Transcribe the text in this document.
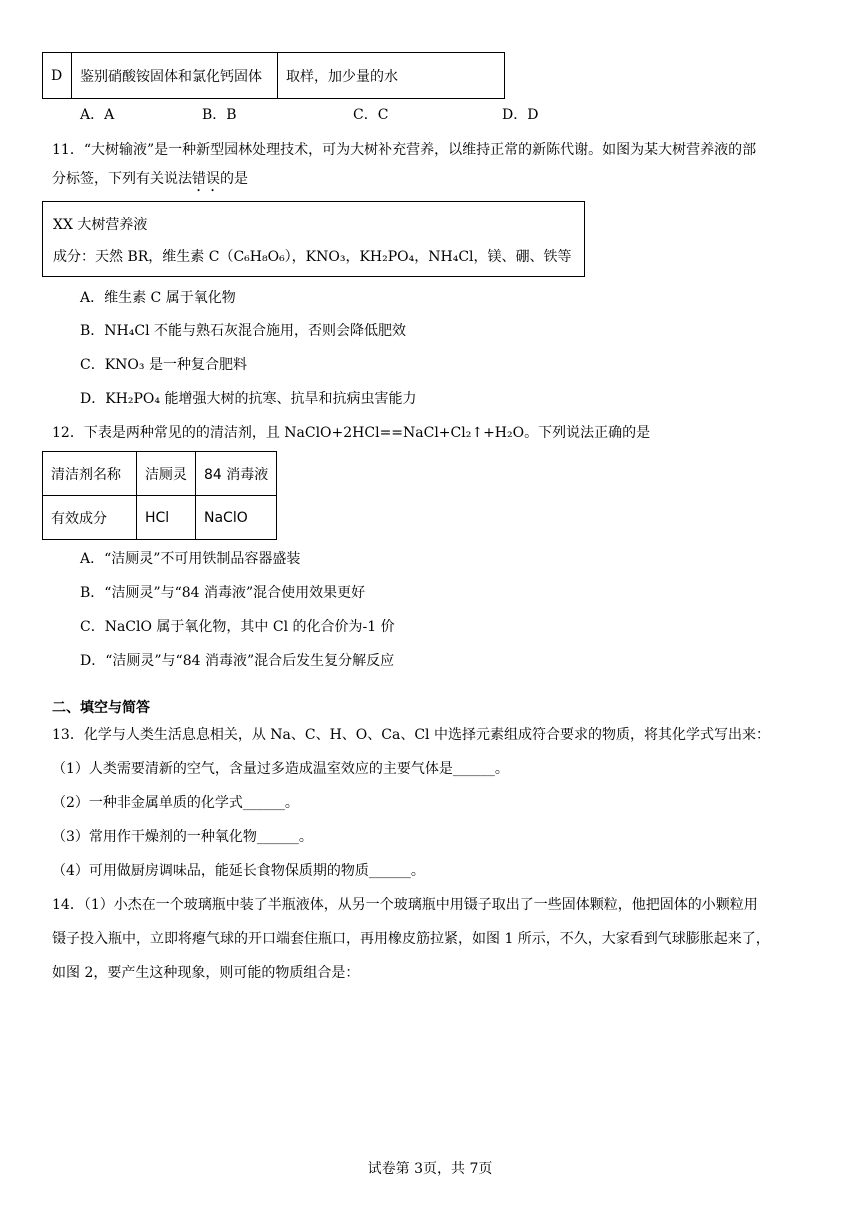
D	鉴别硝酸铵固体和氯化钙固体	取样，加少量的水
A．A	B．B	C．C	D．D
11．“大树输液”是一种新型园林处理技术，可为大树补充营养，以维持正常的新陈代谢。如图为某大树营养液的部
分标签，下列有关说法错误的是
XX 大树营养液
成分：天然 BR，维生素 C（C₆H₈O₆），KNO₃，KH₂PO₄，NH₄Cl，镁、硼、铁等
A．维生素 C 属于氧化物
B．NH₄Cl 不能与熟石灰混合施用，否则会降低肥效
C．KNO₃ 是一种复合肥料
D．KH₂PO₄ 能增强大树的抗寒、抗旱和抗病虫害能力
12．下表是两种常见的的清洁剂，且 NaClO+2HCl==NaCl+Cl₂↑+H₂O。下列说法正确的是
清洁剂名称	洁厕灵	84 消毒液
有效成分	HCl	NaClO
A．“洁厕灵”不可用铁制品容器盛装
B．“洁厕灵”与“84 消毒液”混合使用效果更好
C．NaClO 属于氧化物，其中 Cl 的化合价为-1 价
D．“洁厕灵”与“84 消毒液”混合后发生复分解反应
二、填空与简答
13．化学与人类生活息息相关，从 Na、C、H、O、Ca、Cl 中选择元素组成符合要求的物质，将其化学式写出来：
（1）人类需要清新的空气，含量过多造成温室效应的主要气体是______。
（2）一种非金属单质的化学式______。
（3）常用作干燥剂的一种氧化物______。
（4）可用做厨房调味品，能延长食物保质期的物质______。
14．（1）小杰在一个玻璃瓶中装了半瓶液体，从另一个玻璃瓶中用镊子取出了一些固体颗粒，他把固体的小颗粒用
镊子投入瓶中，立即将瘪气球的开口端套住瓶口，再用橡皮筋拉紧，如图 1 所示，不久，大家看到气球膨胀起来了，
如图 2，要产生这种现象，则可能的物质组合是：
试卷第 3页，共 7页
